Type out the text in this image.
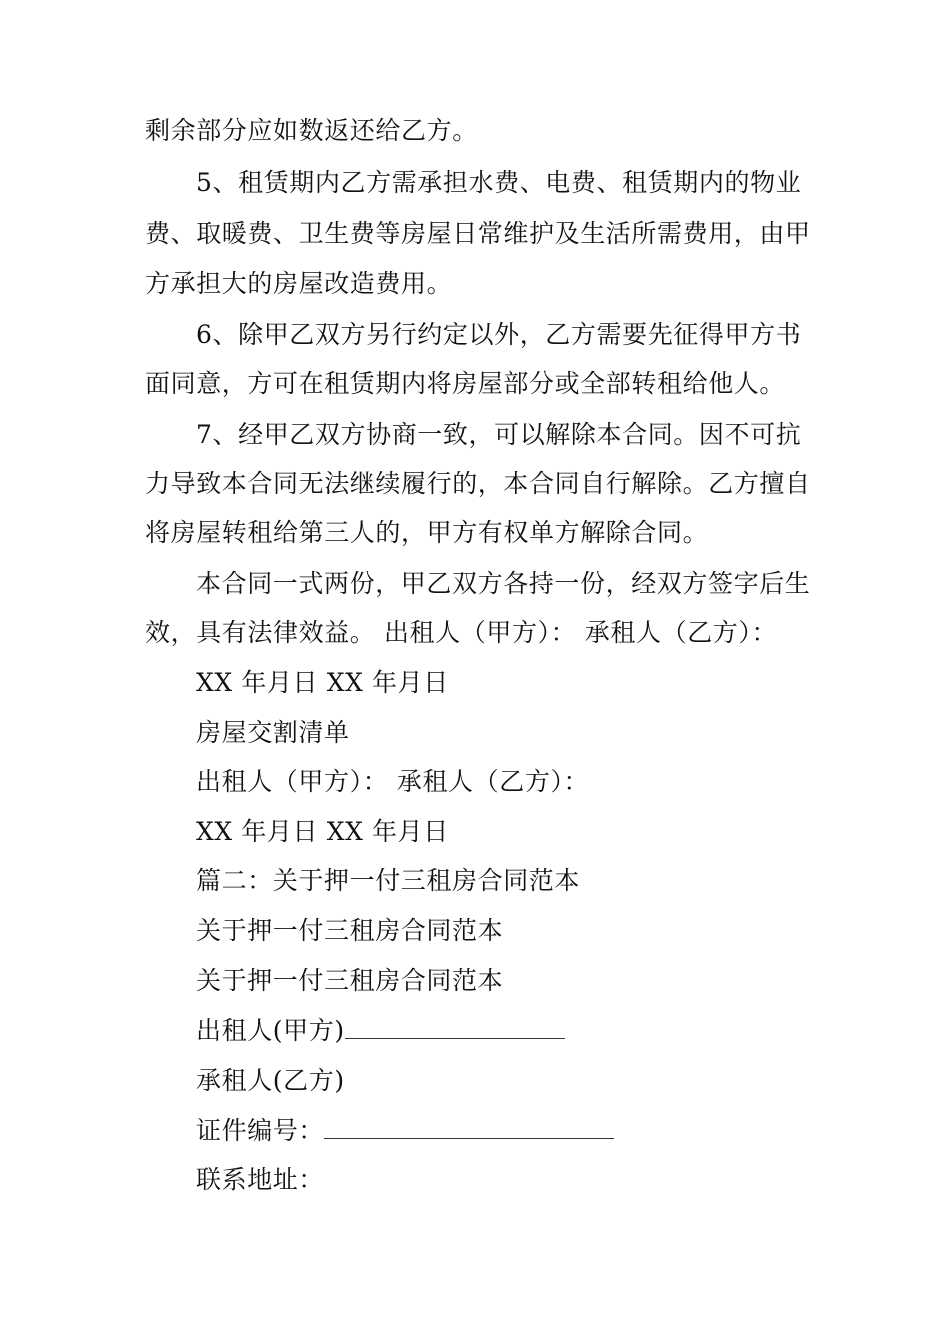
剩余部分应如数返还给乙方。
5、租赁期内乙方需承担水费、电费、租赁期内的物业
费、取暖费、卫生费等房屋日常维护及生活所需费用，由甲
方承担大的房屋改造费用。
6、除甲乙双方另行约定以外，乙方需要先征得甲方书
面同意，方可在租赁期内将房屋部分或全部转租给他人。
7、经甲乙双方协商一致，可以解除本合同。因不可抗
力导致本合同无法继续履行的，本合同自行解除。乙方擅自
将房屋转租给第三人的，甲方有权单方解除合同。
本合同一式两份，甲乙双方各持一份，经双方签字后生
效，具有法律效益。 出租人（甲方）： 承租人（乙方）：
XX 年月日 XX 年月日
房屋交割清单
出租人（甲方）： 承租人（乙方）：
XX 年月日 XX 年月日
篇二：关于押一付三租房合同范本
关于押一付三租房合同范本
关于押一付三租房合同范本
出租人(甲方)
承租人(乙方)
证件编号：
联系地址：
